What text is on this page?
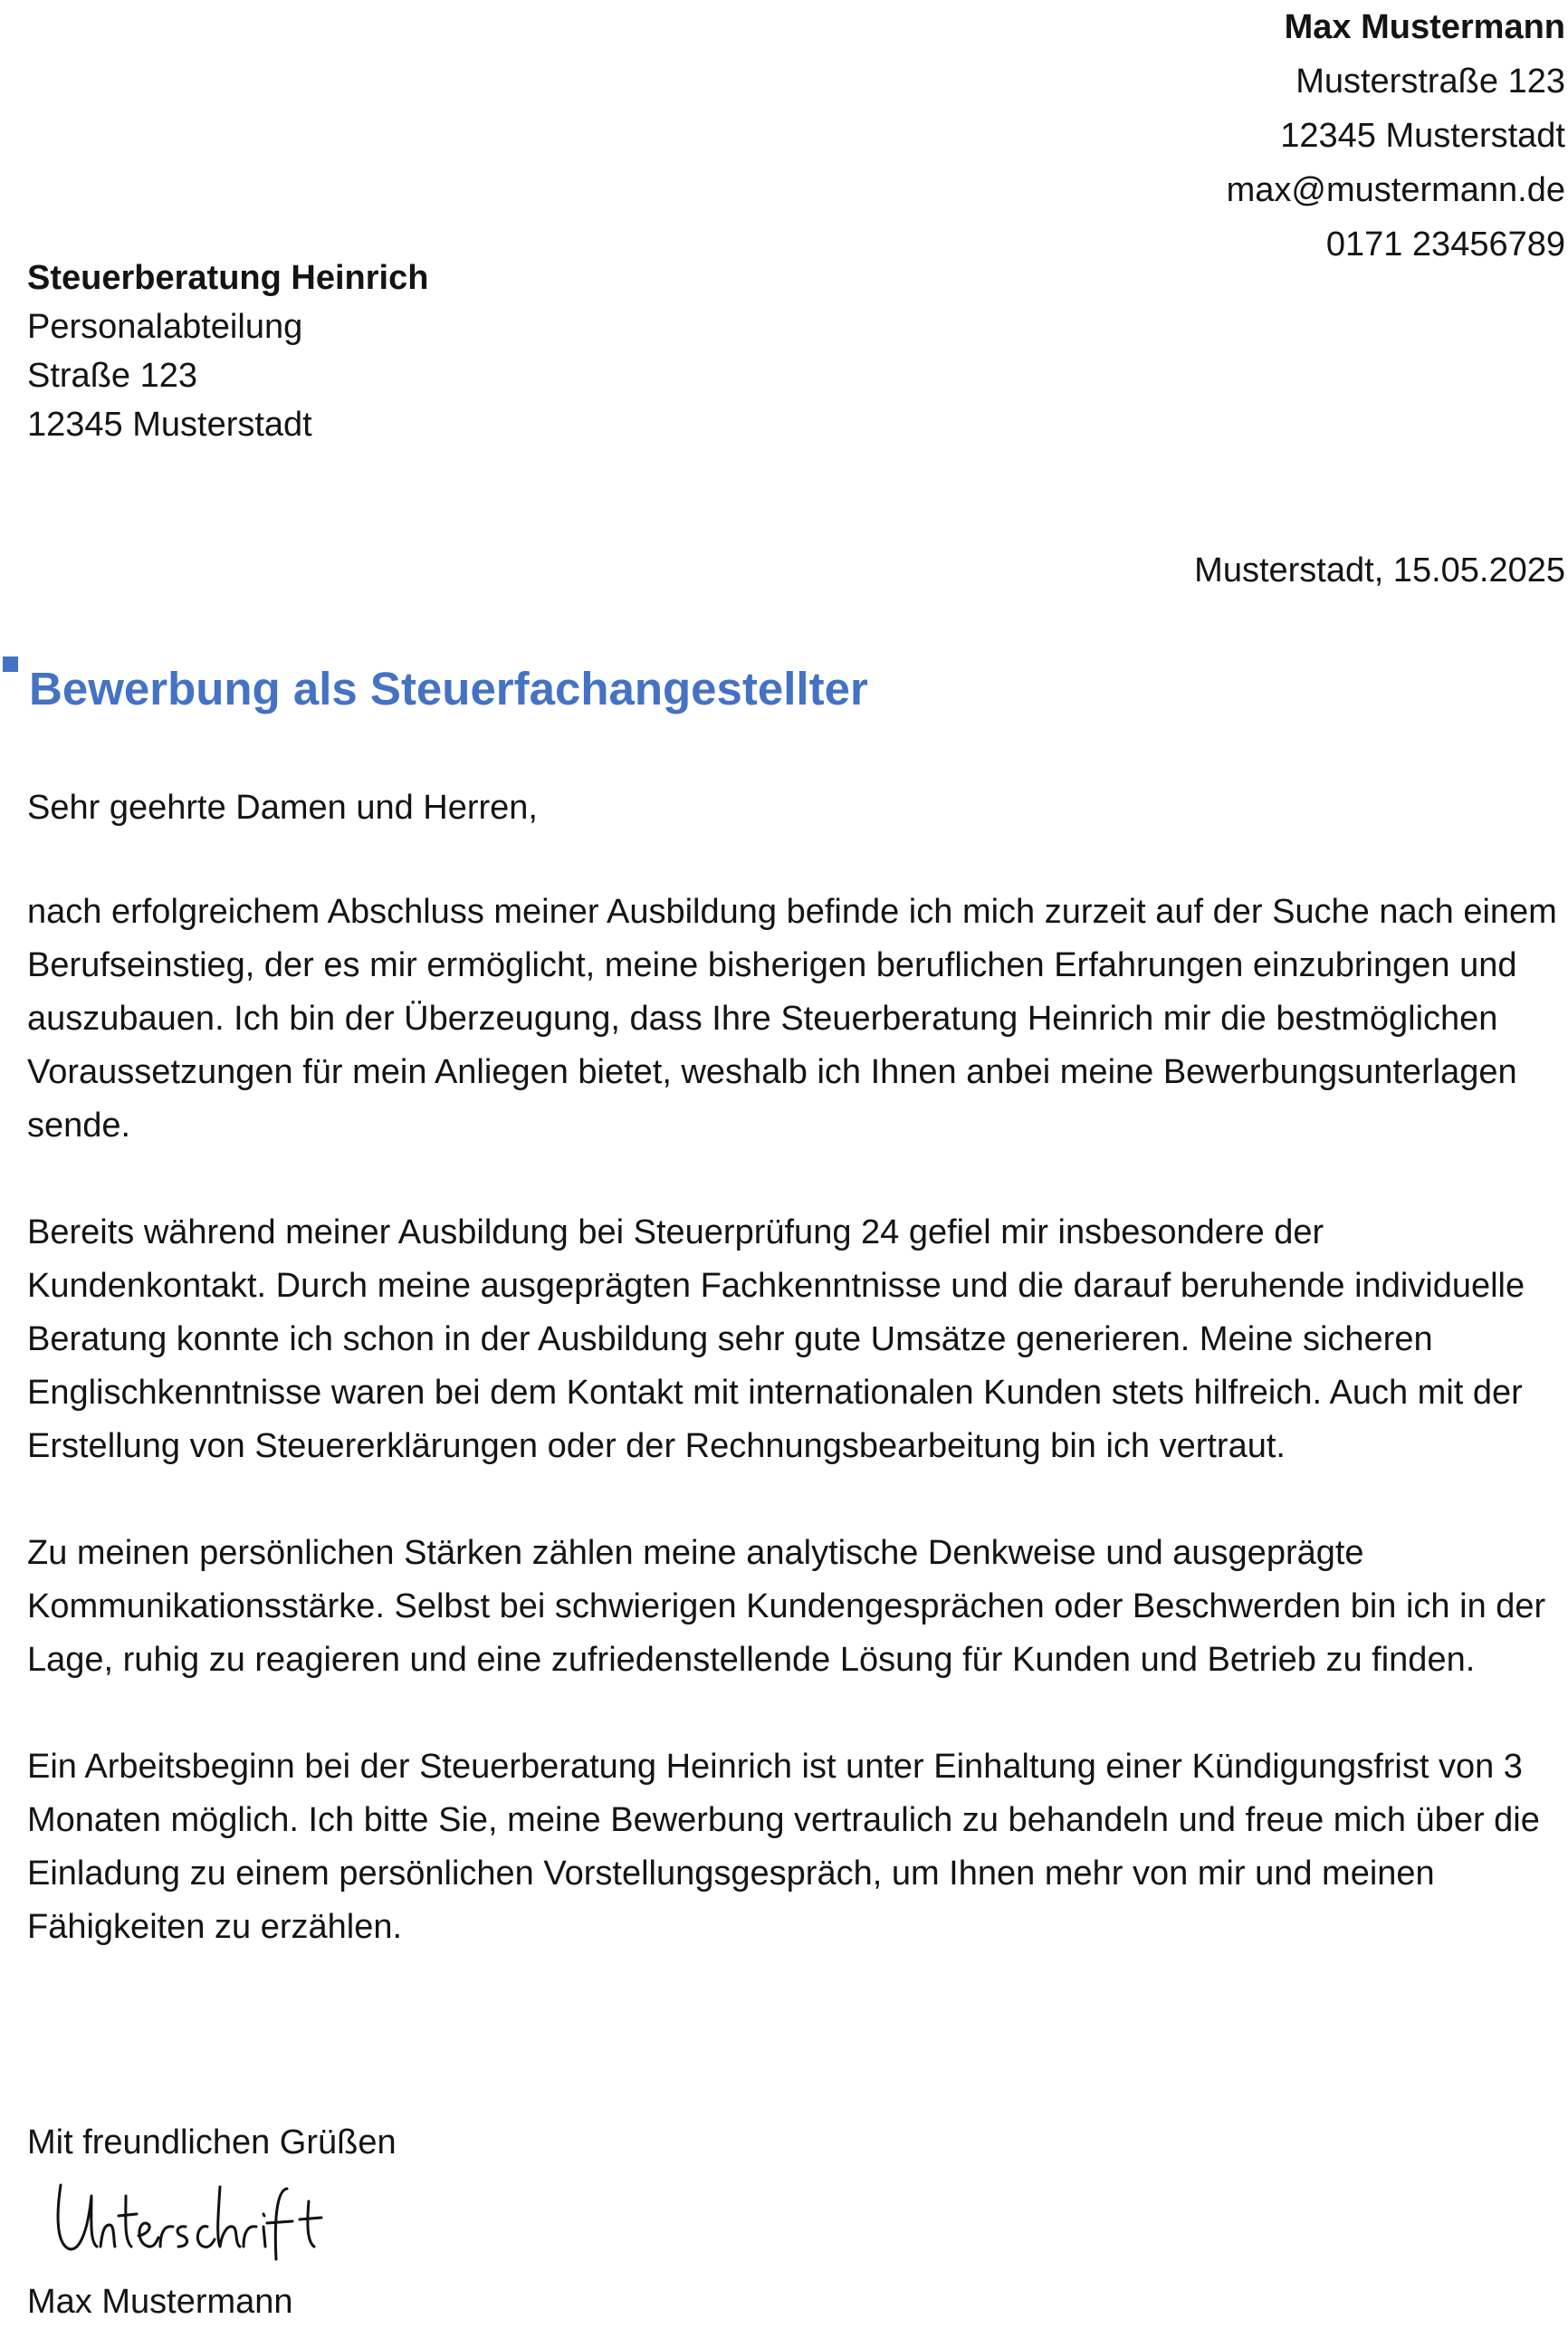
Max Mustermann
Musterstraße 123
12345 Musterstadt
max@mustermann.de
0171 23456789
Steuerberatung Heinrich
Personalabteilung
Straße 123
12345 Musterstadt
Musterstadt, 15.05.2025
Bewerbung als Steuerfachangestellter
Sehr geehrte Damen und Herren,

nach erfolgreichem Abschluss meiner Ausbildung befinde ich mich zurzeit auf der Suche nach einem Berufseinstieg, der es mir ermöglicht, meine bisherigen beruflichen Erfahrungen einzubringen und auszubauen. Ich bin der Überzeugung, dass Ihre Steuerberatung Heinrich mir die bestmöglichen Voraussetzungen für mein Anliegen bietet, weshalb ich Ihnen anbei meine Bewerbungsunterlagen sende.

Bereits während meiner Ausbildung bei Steuerprüfung 24 gefiel mir insbesondere der Kundenkontakt. Durch meine ausgeprägten Fachkenntnisse und die darauf beruhende individuelle Beratung konnte ich schon in der Ausbildung sehr gute Umsätze generieren. Meine sicheren Englischkenntnisse waren bei dem Kontakt mit internationalen Kunden stets hilfreich. Auch mit der Erstellung von Steuererklärungen oder der Rechnungsbearbeitung bin ich vertraut.

Zu meinen persönlichen Stärken zählen meine analytische Denkweise und ausgeprägte Kommunikationsstärke. Selbst bei schwierigen Kundengesprächen oder Beschwerden bin ich in der Lage, ruhig zu reagieren und eine zufriedenstellende Lösung für Kunden und Betrieb zu finden.

Ein Arbeitsbeginn bei der Steuerberatung Heinrich ist unter Einhaltung einer Kündigungsfrist von 3 Monaten möglich. Ich bitte Sie, meine Bewerbung vertraulich zu behandeln und freue mich über die Einladung zu einem persönlichen Vorstellungsgespräch, um Ihnen mehr von mir und meinen Fähigkeiten zu erzählen.

Mit freundlichen Grüßen
Max Mustermann
